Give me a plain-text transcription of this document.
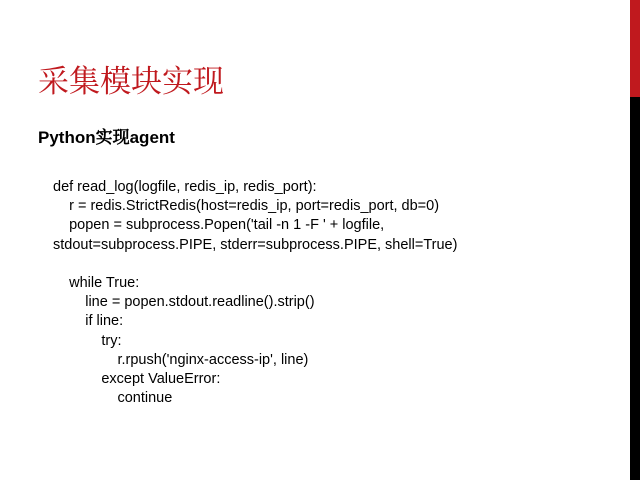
采集模块实现
Python实现agent
def read_log(logfile, redis_ip, redis_port):
r = redis.StrictRedis(host=redis_ip, port=redis_port, db=0)
popen = subprocess.Popen('tail -n 1 -F ' + logfile,
stdout=subprocess.PIPE, stderr=subprocess.PIPE, shell=True)
while True:
line = popen.stdout.readline().strip()
if line:
try:
r.rpush('nginx-access-ip', line)
except ValueError:
continue
